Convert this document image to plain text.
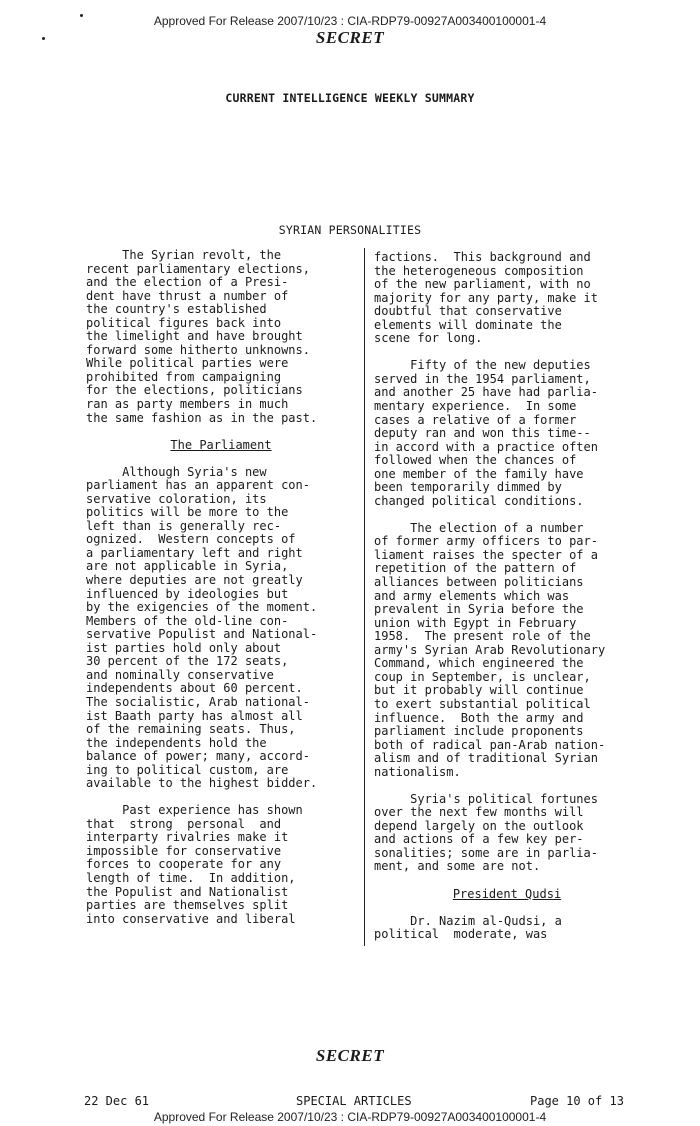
Approved For Release 2007/10/23 : CIA-RDP79-00927A003400100001-4
SECRET
CURRENT INTELLIGENCE WEEKLY SUMMARY
SYRIAN PERSONALITIES

The Syrian revolt, the

recent parliamentary elections,

and the election of a Presi-

dent have thrust a number of

the country's established

political figures back into

the limelight and have brought

forward some hitherto unknowns.

While political parties were

prohibited from campaigning

for the elections, politicians

ran as party members in much

the same fashion as in the past.

The Parliament

Although Syria's new

parliament has an apparent con-

servative coloration, its

politics will be more to the

left than is generally rec-

ognized.  Western concepts of

a parliamentary left and right

are not applicable in Syria,

where deputies are not greatly

influenced by ideologies but

by the exigencies of the moment.

Members of the old-line con-

servative Populist and National-

ist parties hold only about

30 percent of the 172 seats,

and nominally conservative

independents about 60 percent.

The socialistic, Arab national-

ist Baath party has almost all

of the remaining seats. Thus,

the independents hold the

balance of power; many, accord-

ing to political custom, are

available to the highest bidder.

Past experience has shown

that  strong  personal  and

interparty rivalries make it

impossible for conservative

forces to cooperate for any

length of time.  In addition,

the Populist and Nationalist

parties are themselves split

into conservative and liberal

factions.  This background and

the heterogeneous composition

of the new parliament, with no

majority for any party, make it

doubtful that conservative

elements will dominate the

scene for long.

Fifty of the new deputies

served in the 1954 parliament,

and another 25 have had parlia-

mentary experience.  In some

cases a relative of a former

deputy ran and won this time--

in accord with a practice often

followed when the chances of

one member of the family have

been temporarily dimmed by

changed political conditions.

The election of a number

of former army officers to par-

liament raises the specter of a

repetition of the pattern of

alliances between politicians

and army elements which was

prevalent in Syria before the

union with Egypt in February

1958.  The present role of the

army's Syrian Arab Revolutionary

Command, which engineered the

coup in September, is unclear,

but it probably will continue

to exert substantial political

influence.  Both the army and

parliament include proponents

both of radical pan-Arab nation-

alism and of traditional Syrian

nationalism.

Syria's political fortunes

over the next few months will

depend largely on the outlook

and actions of a few key per-

sonalities; some are in parlia-

ment, and some are not.

President Qudsi

Dr. Nazim al-Qudsi, a

political  moderate, was

SECRET
22 Dec 61	SPECIAL ARTICLES	Page 10 of 13
Approved For Release 2007/10/23 : CIA-RDP79-00927A003400100001-4
